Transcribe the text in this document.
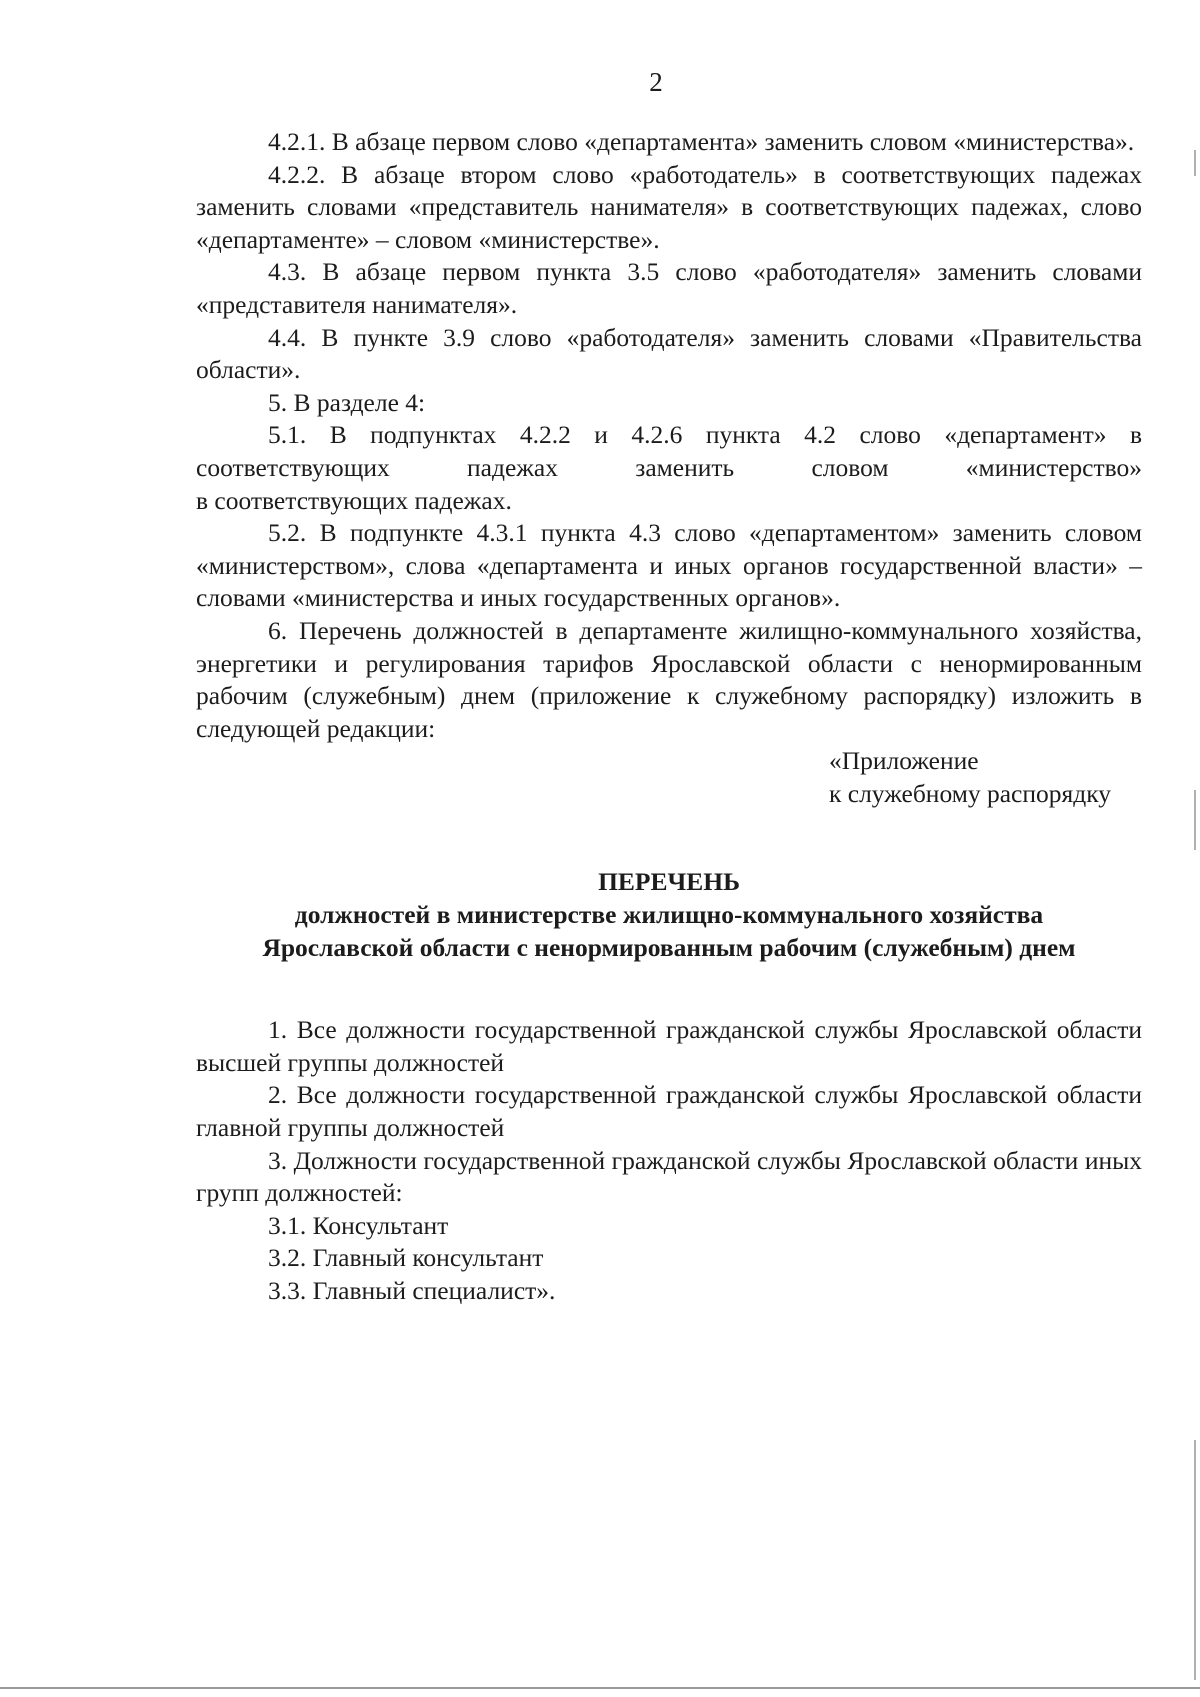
2

4.2.1. В абзаце первом слово «департамента» заменить словом «министерства».

4.2.2. В абзаце втором слово «работодатель» в соответствующих падежах заменить словами «представитель нанимателя» в соответствующих падежах, слово «департаменте» – словом «министерстве».

4.3. В абзаце первом пункта 3.5 слово «работодателя» заменить словами «представителя нанимателя».

4.4. В пункте 3.9 слово «работодателя» заменить словами «Правительства области».

5. В разделе 4:

5.1. В подпунктах 4.2.2 и 4.2.6 пункта 4.2 слово «департамент» в соответствующих падежах заменить словом «министерство»

в соответствующих падежах.

5.2. В подпункте 4.3.1 пункта 4.3 слово «департаментом» заменить словом «министерством», слова «департамента и иных органов государственной власти» – словами «министерства и иных государственных органов».

6. Перечень должностей в департаменте жилищно-коммунального хозяйства, энергетики и регулирования тарифов Ярославской области с ненормированным рабочим (служебным) днем (приложение к служебному распорядку) изложить в следующей редакции:

«Приложение

к служебному распорядку

ПЕРЕЧЕНЬ

должностей в министерстве жилищно-коммунального хозяйства

Ярославской области с ненормированным рабочим (служебным) днем

1. Все должности государственной гражданской службы Ярославской области высшей группы должностей

2. Все должности государственной гражданской службы Ярославской области главной группы должностей

3. Должности государственной гражданской службы Ярославской области иных групп должностей:

3.1. Консультант

3.2. Главный консультант

3.3. Главный специалист».
